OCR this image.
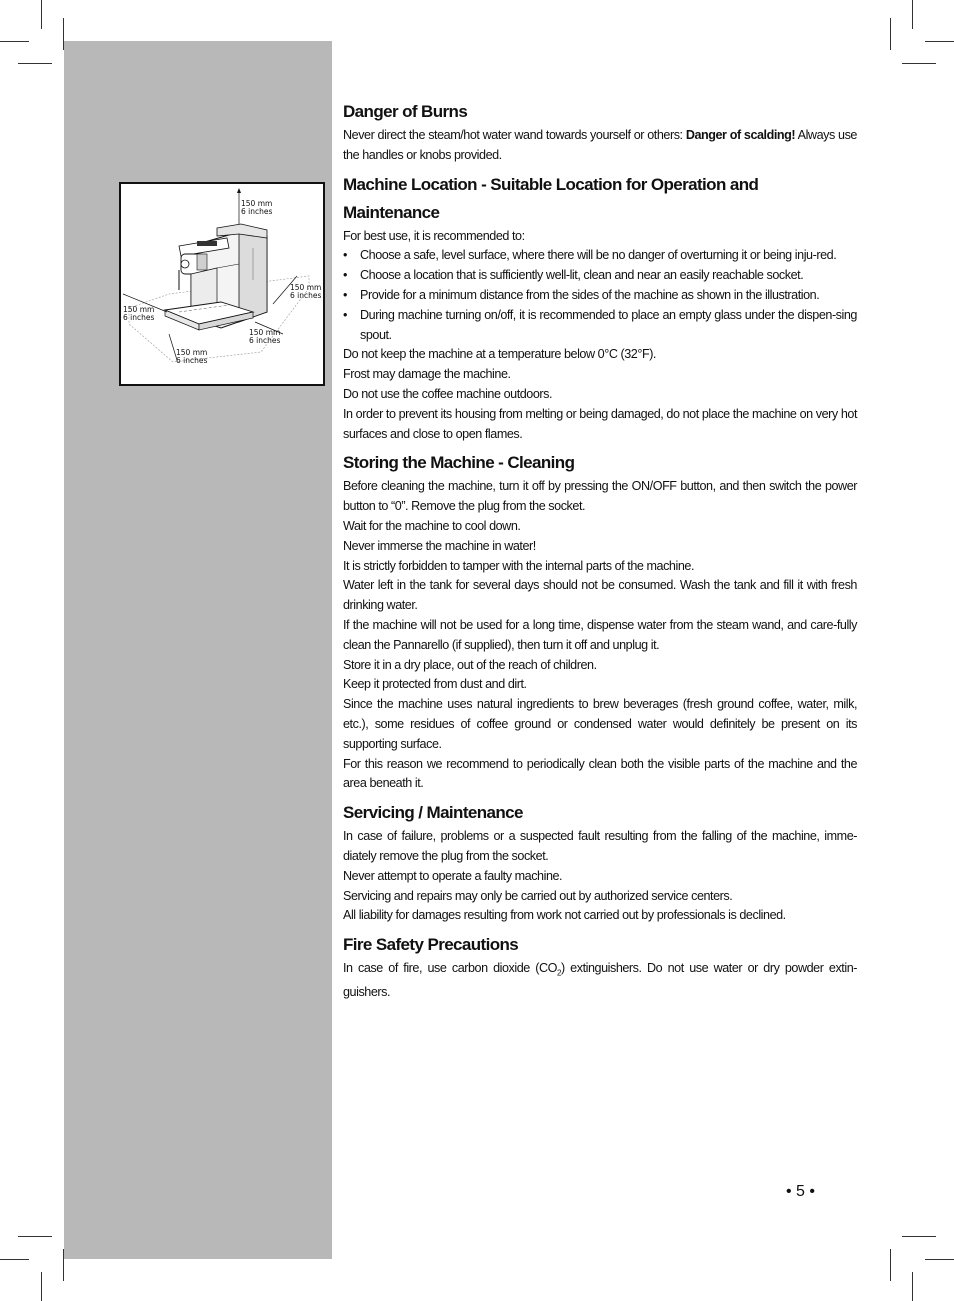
150 mm
6 inches
150 mm
6 inches
150 mm
6 inches
150 mm
6 inches
150 mm
6 inches
Danger of Burns

Never direct the steam/hot water wand towards yourself or others: Danger of scalding! Always use the handles or knobs provided.

Machine Location - Suitable Location for Operation and Maintenance

For best use, it is recommended to:

• Choose a safe, level surface, where there will be no danger of overturning it or being inju-red.
• Choose a location that is sufficiently well-lit, clean and near an easily reachable socket.
• Provide for a minimum distance from the sides of the machine as shown in the illustration.
• During machine turning on/off, it is recommended to place an empty glass under the dispen-sing spout.

Do not keep the machine at a temperature below 0°C (32°F).

Frost may damage the machine.

Do not use the coffee machine outdoors.

In order to prevent its housing from melting or being damaged, do not place the machine on very hot surfaces and close to open flames.

Storing the Machine - Cleaning

Before cleaning the machine, turn it off by pressing the ON/OFF button, and then switch the power button to “0”. Remove the plug from the socket.

Wait for the machine to cool down.

Never immerse the machine in water!

It is strictly forbidden to tamper with the internal parts of the machine.

Water left in the tank for several days should not be consumed. Wash the tank and fill it with fresh drinking water.

If the machine will not be used for a long time, dispense water from the steam wand, and care-fully clean the Pannarello (if supplied), then turn it off and unplug it.

Store it in a dry place, out of the reach of children.

Keep it protected from dust and dirt.

Since the machine uses natural ingredients to brew beverages (fresh ground coffee, water, milk, etc.), some residues of coffee ground or condensed water would definitely be present on its supporting surface.

For this reason we recommend to periodically clean both the visible parts of the machine and the area beneath it.

Servicing / Maintenance

In case of failure, problems or a suspected fault resulting from the falling of the machine, imme-diately remove the plug from the socket.

Never attempt to operate a faulty machine.

Servicing and repairs may only be carried out by authorized service centers.

All liability for damages resulting from work not carried out by professionals is declined.

Fire Safety Precautions

In case of fire, use carbon dioxide $(CO_2)$ extinguishers. Do not use water or dry powder extin-guishers.

• 5 •
